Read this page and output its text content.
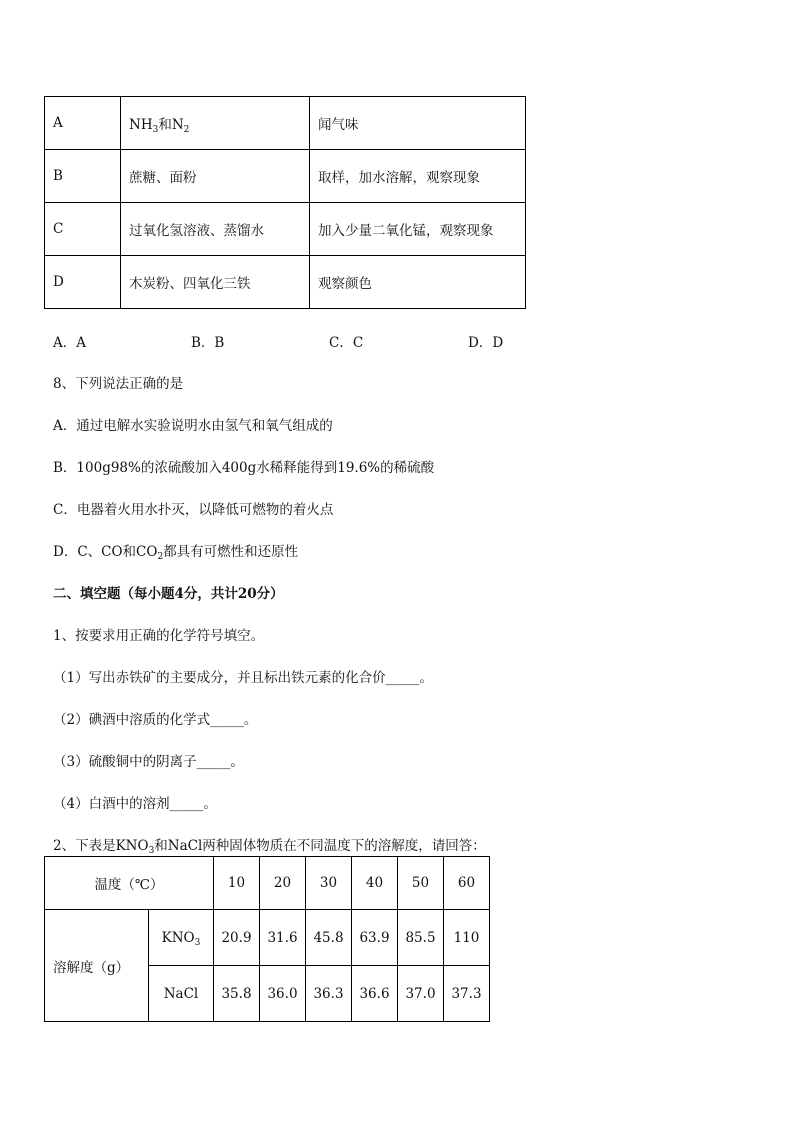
A	$NH_3$和$N_2$	闻气味
B	蔗糖、面粉	取样，加水溶解，观察现象
C	过氧化氢溶液、蒸馏水	加入少量二氧化锰，观察现象
D	木炭粉、四氧化三铁	观察颜色
A．A	B．B	C．C	D．D
8、下列说法正确的是
A．通过电解水实验说明水由氢气和氧气组成的
B．100g98%的浓硫酸加入400g水稀释能得到19.6%的稀硫酸
C．电器着火用水扑灭，以降低可燃物的着火点
D．C、CO和$CO_2$都具有可燃性和还原性
二、填空题（每小题4分，共计20分）
1、按要求用正确的化学符号填空。
（1）写出赤铁矿的主要成分，并且标出铁元素的化合价_____。
（2）碘酒中溶质的化学式_____。
（3）硫酸铜中的阴离子_____。
（4）白酒中的溶剂_____。
2、下表是$KNO_3$和NaCl两种固体物质在不同温度下的溶解度，请回答：
温度（℃）		10	20	30	40	50	60
溶解度（g）	$KNO_3$	20.9	31.6	45.8	63.9	85.5	110
	NaCl	35.8	36.0	36.3	36.6	37.0	37.3
